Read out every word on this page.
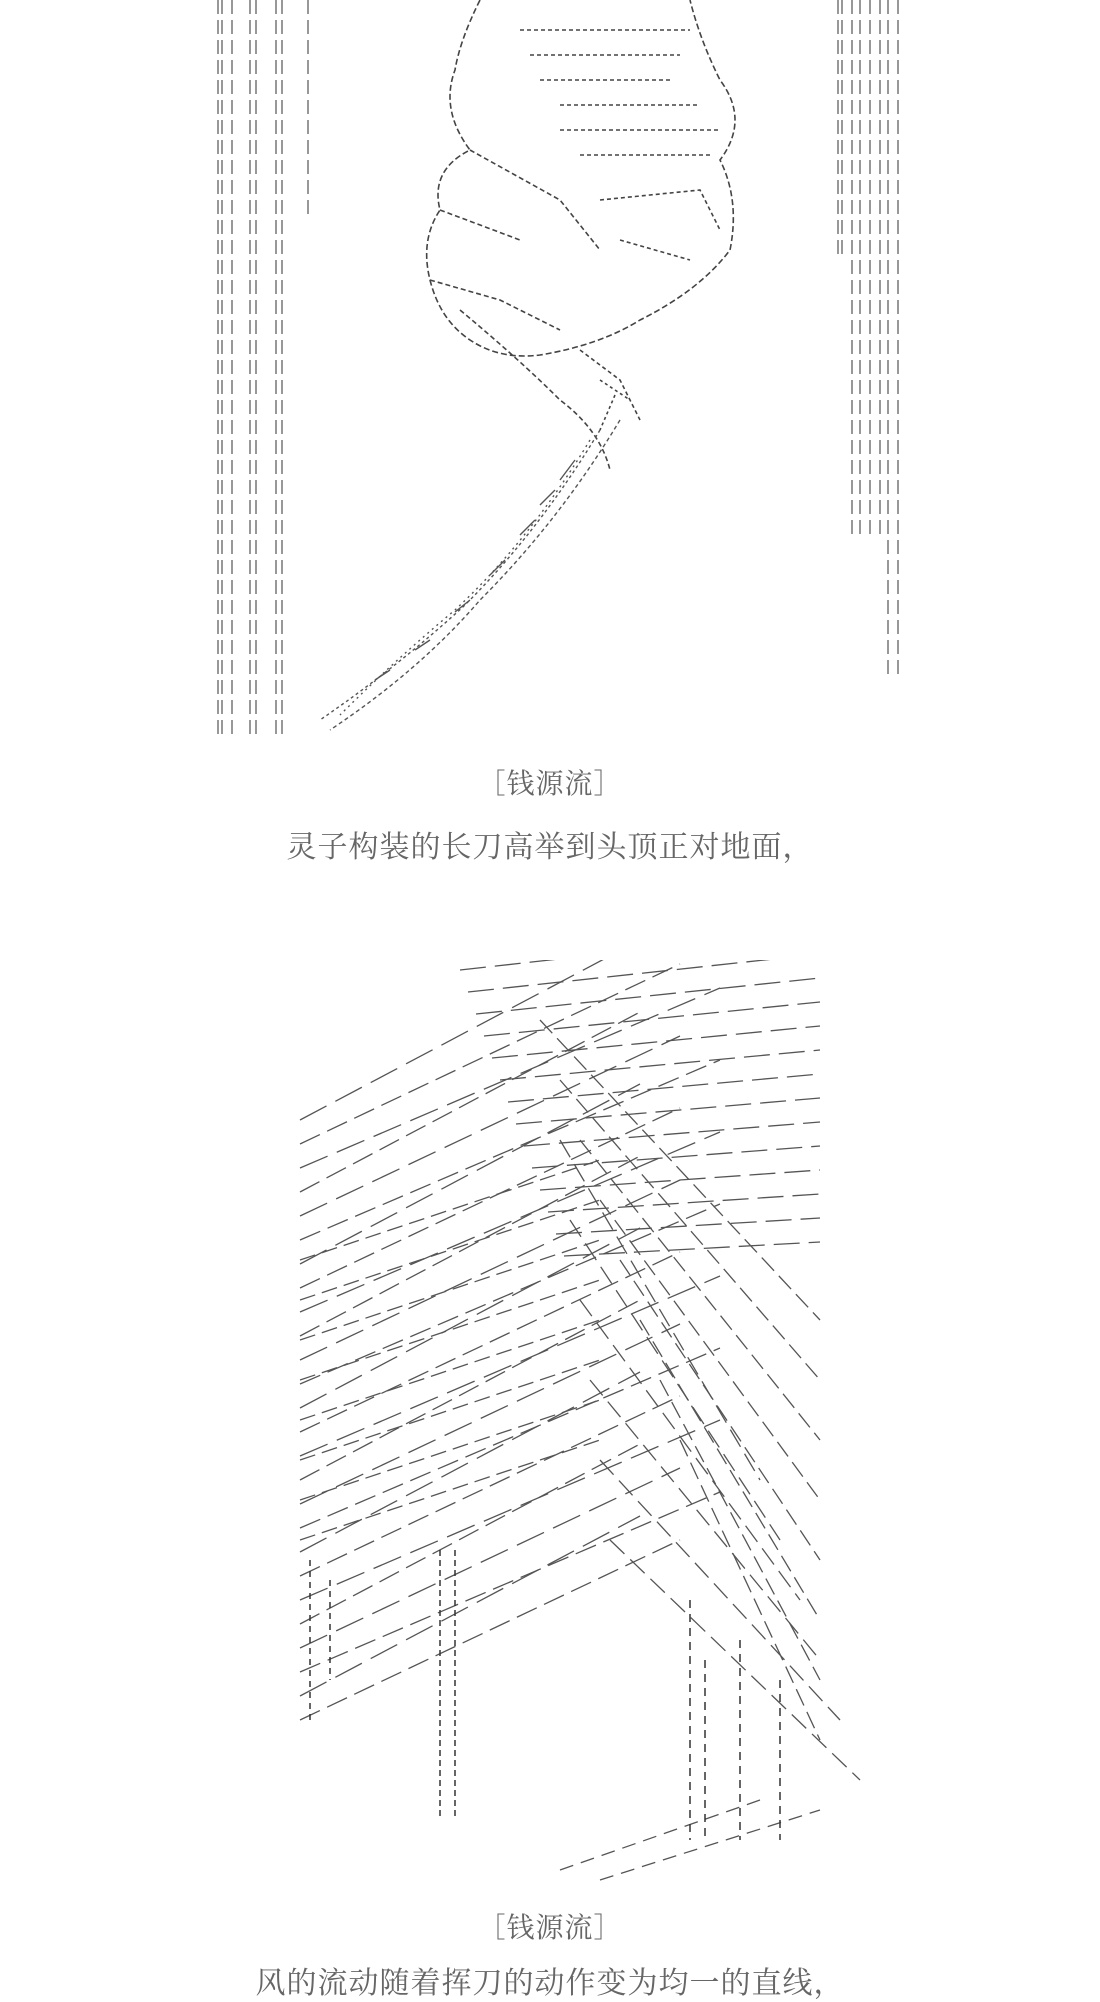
［钱源流］
灵子构装的长刀高举到头顶正对地面，
［钱源流］
风的流动随着挥刀的动作变为均一的直线，
